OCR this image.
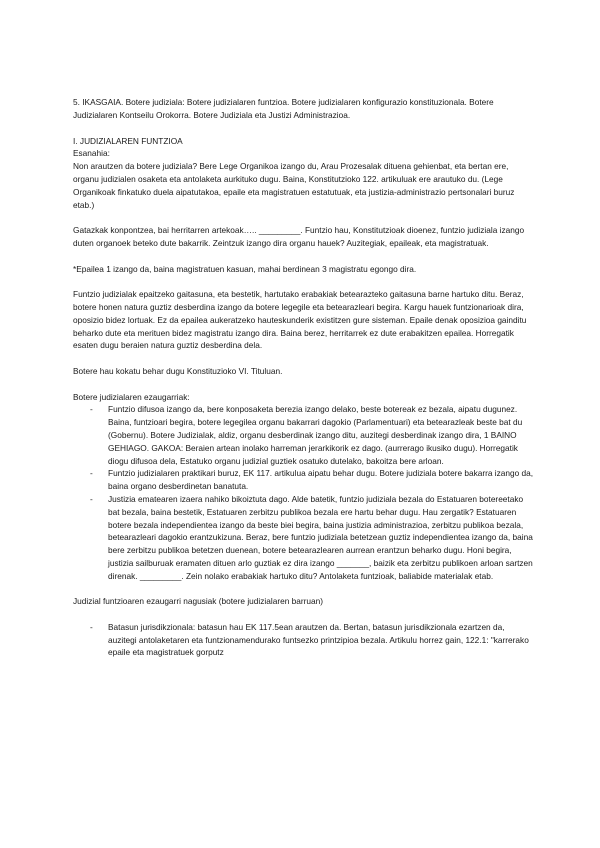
5. IKASGAIA. Botere judiziala: Botere judizialaren funtzioa. Botere judizialaren konfigurazio konstituzionala. Botere Judizialaren Kontseilu Orokorra. Botere Judiziala eta Justizi Administrazioa.

I. JUDIZIALAREN FUNTZIOA

Esanahia:

Non arautzen da botere judiziala? Bere Lege Organikoa izango du, Arau Prozesalak dituena gehienbat, eta bertan ere, organu judizialen osaketa eta antolaketa aurkituko dugu. Baina, Konstitutzioko 122. artikuluak ere arautuko du. (Lege Organikoak finkatuko duela aipatutakoa, epaile eta magistratuen estatutuak, eta justizia-administrazio pertsonalari buruz etab.)

Gatazkak konpontzea, bai herritarren artekoak….. _________. Funtzio hau, Konstitutzioak dioenez, funtzio judiziala izango duten organoek beteko dute bakarrik. Zeintzuk izango dira organu hauek? Auzitegiak, epaileak, eta magistratuak.

*Epailea 1 izango da, baina magistratuen kasuan, mahai berdinean 3 magistratu egongo dira.

Funtzio judizialak epaitzeko gaitasuna, eta bestetik, hartutako erabakiak betearazteko gaitasuna barne hartuko ditu. Beraz, botere honen natura guztiz desberdina izango da botere legegile eta betearazleari begira. Kargu hauek funtzionarioak dira, oposizio bidez lortuak. Ez da epailea aukeratzeko hauteskunderik existitzen gure sisteman. Epaile denak oposizioa gainditu beharko dute eta merituen bidez magistratu izango dira. Baina berez, herritarrek ez dute erabakitzen epailea. Horregatik esaten dugu beraien natura guztiz desberdina dela.

Botere hau kokatu behar dugu Konstituzioko VI. Tituluan.

Botere judizialaren ezaugarriak:

- Funtzio difusoa izango da, bere konposaketa berezia izango delako, beste botereak ez bezala, aipatu dugunez. Baina, funtzioari begira, botere legegilea organu bakarrari dagokio (Parlamentuari) eta betearazleak beste bat du (Gobernu). Botere Judizialak, aldiz, organu desberdinak izango ditu, auzitegi desberdinak izango dira, 1 BAINO GEHIAGO. GAKOA: Beraien artean inolako harreman jerarkikorik ez dago. (aurrerago ikusiko dugu). Horregatik diogu difusoa dela, Estatuko organu judizial guztiek osatuko dutelako, bakoitza bere arloan.
- Funtzio judizialaren praktikari buruz, EK 117. artikulua aipatu behar dugu. Botere judiziala botere bakarra izango da, baina organo desberdinetan banatuta.
- Justizia ematearen izaera nahiko bikoiztuta dago. Alde batetik, funtzio judiziala bezala do Estatuaren botereetako bat bezala, baina bestetik, Estatuaren zerbitzu publikoa bezala ere hartu behar dugu. Hau zergatik? Estatuaren botere bezala independientea izango da beste biei begira, baina justizia administrazioa, zerbitzu publikoa bezala, betearazleari dagokio erantzukizuna. Beraz, bere funtzio judiziala betetzean guztiz independientea izango da, baina bere zerbitzu publikoa betetzen duenean, botere betearazlearen aurrean erantzun beharko dugu. Honi begira, justizia sailburuak eramaten dituen arlo guztiak ez dira izango _______, baizik eta zerbitzu publikoen arloan sartzen direnak. _________. Zein nolako erabakiak hartuko ditu? Antolaketa funtzioak, baliabide materialak etab.

Judizial funtzioaren ezaugarri nagusiak (botere judizialaren barruan)

- Batasun jurisdikzionala: batasun hau EK 117.5ean arautzen da. Bertan, batasun jurisdikzionala ezartzen da, auzitegi antolaketaren eta funtzionamendurako funtsezko printzipioa bezala. Artikulu horrez gain, 122.1: "karrerako epaile eta magistratuek gorputz
